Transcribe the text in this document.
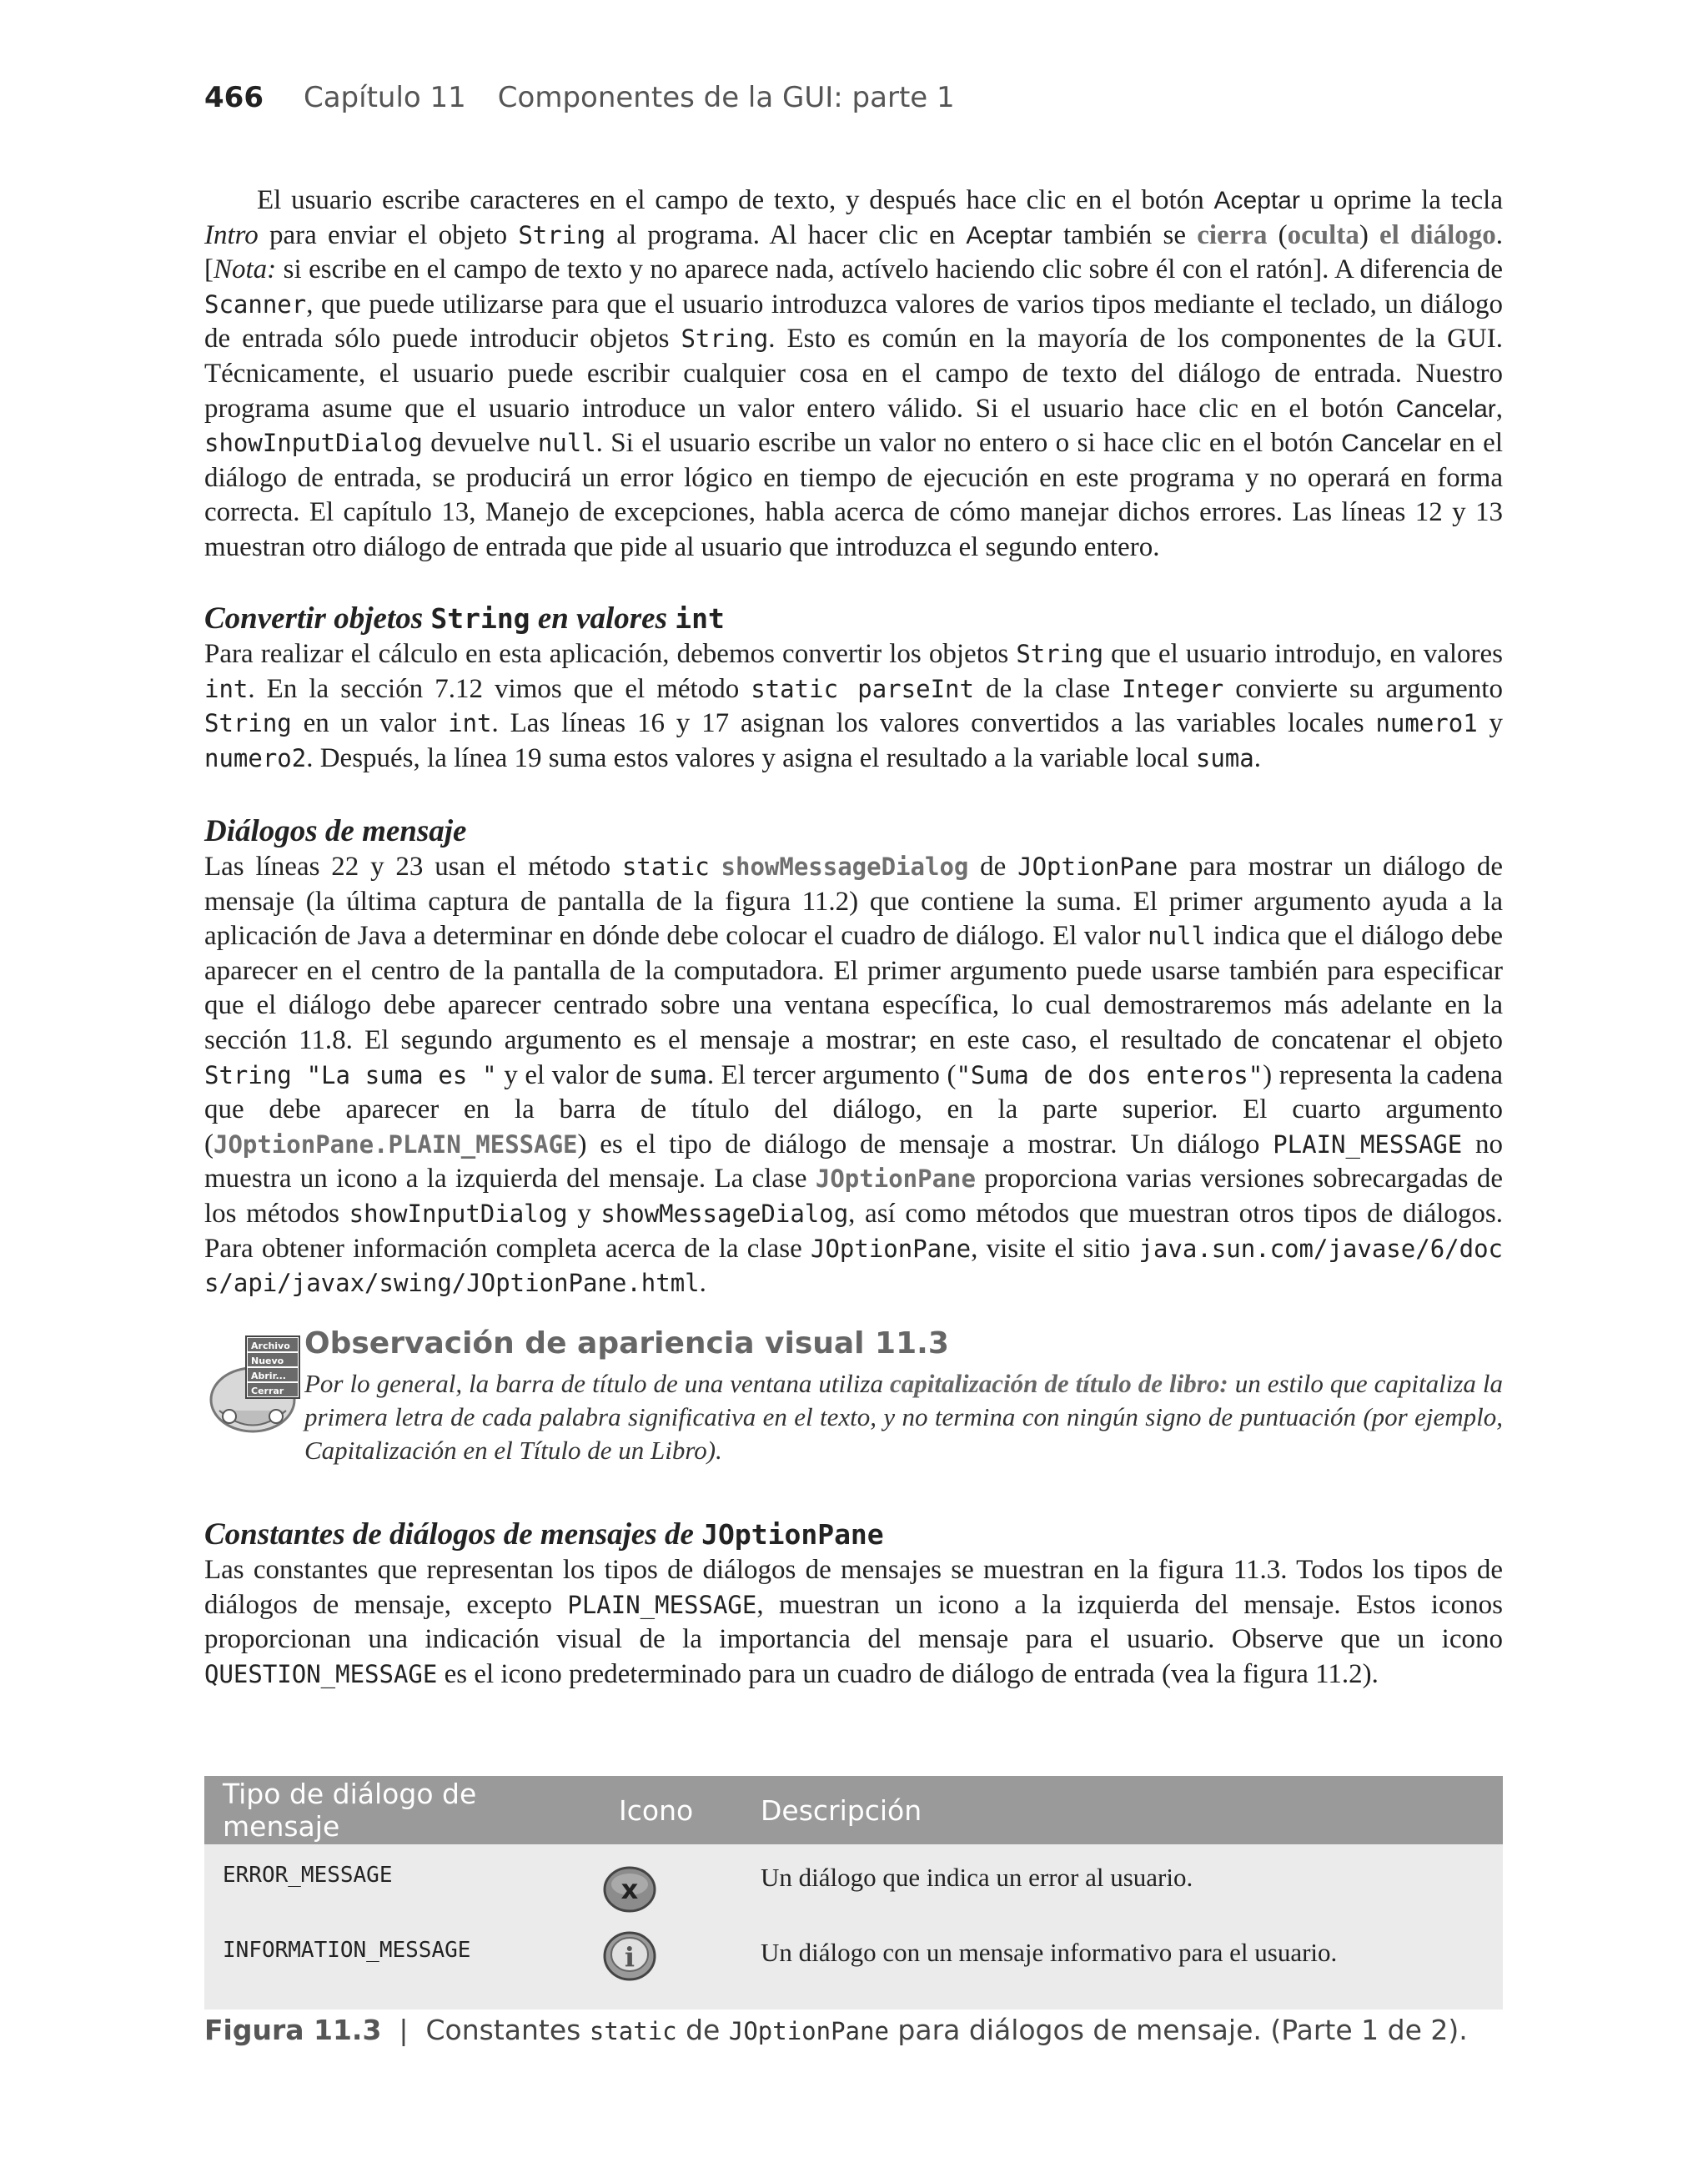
466 Capítulo 11 Componentes de la GUI: parte 1

El usuario escribe caracteres en el campo de texto, y después hace clic en el botón Aceptar u oprime la tecla Intro para enviar el objeto String al programa. Al hacer clic en Aceptar también se cierra (oculta) el diálogo. [Nota: si escribe en el campo de texto y no aparece nada, actívelo haciendo clic sobre él con el ratón]. A diferencia de Scanner, que puede utilizarse para que el usuario introduzca valores de varios tipos mediante el teclado, un diálogo de entrada sólo puede introducir objetos String. Esto es común en la mayoría de los componentes de la GUI. Técnicamente, el usuario puede escribir cualquier cosa en el campo de texto del diálogo de entrada. Nuestro programa asume que el usuario introduce un valor entero válido. Si el usuario hace clic en el botón Cancelar, showInputDialog devuelve null. Si el usuario escribe un valor no entero o si hace clic en el botón Cancelar en el diálogo de entrada, se producirá un error lógico en tiempo de ejecución en este programa y no operará en forma correcta. El capítulo 13, Manejo de excepciones, habla acerca de cómo manejar dichos errores. Las líneas 12 y 13 muestran otro diálogo de entrada que pide al usuario que introduzca el segundo entero.

Convertir objetos String en valores int

Para realizar el cálculo en esta aplicación, debemos convertir los objetos String que el usuario introdujo, en valores int. En la sección 7.12 vimos que el método static parseInt de la clase Integer convierte su argumento String en un valor int. Las líneas 16 y 17 asignan los valores convertidos a las variables locales numero1 y numero2. Después, la línea 19 suma estos valores y asigna el resultado a la variable local suma.

Diálogos de mensaje

Las líneas 22 y 23 usan el método static showMessageDialog de JOptionPane para mostrar un diálogo de mensaje (la última captura de pantalla de la figura 11.2) que contiene la suma. El primer argumento ayuda a la aplicación de Java a determinar en dónde debe colocar el cuadro de diálogo. El valor null indica que el diálogo debe aparecer en el centro de la pantalla de la computadora. El primer argumento puede usarse también para especificar que el diálogo debe aparecer centrado sobre una ventana específica, lo cual demostraremos más adelante en la sección 11.8. El segundo argumento es el mensaje a mostrar; en este caso, el resultado de concatenar el objeto String "La suma es " y el valor de suma. El tercer argumento ("Suma de dos enteros") representa la cadena que debe aparecer en la barra de título del diálogo, en la parte superior. El cuarto argumento (JOptionPane.PLAIN_MESSAGE) es el tipo de diálogo de mensaje a mostrar. Un diálogo PLAIN_MESSAGE no muestra un icono a la izquierda del mensaje. La clase JOptionPane proporciona varias versiones sobrecargadas de los métodos showInputDialog y showMessageDialog, así como métodos que muestran otros tipos de diálogos. Para obtener información completa acerca de la clase JOptionPane, visite el sitio java.sun.com/javase/6/docs/api/javax/swing/JOptionPane.html.

Archivo
Nuevo
Abrir...
Cerrar
Observación de apariencia visual 11.3

Por lo general, la barra de título de una ventana utiliza capitalización de título de libro: un estilo que capitaliza la primera letra de cada palabra significativa en el texto, y no termina con ningún signo de puntuación (por ejemplo, Capitalización en el Título de un Libro).

Constantes de diálogos de mensajes de JOptionPane

Las constantes que representan los tipos de diálogos de mensajes se muestran en la figura 11.3. Todos los tipos de diálogos de mensaje, excepto PLAIN_MESSAGE, muestran un icono a la izquierda del mensaje. Estos iconos proporcionan una indicación visual de la importancia del mensaje para el usuario. Observe que un icono QUESTION_MESSAGE es el icono predeterminado para un cuadro de diálogo de entrada (vea la figura 11.2).

Tipo de diálogo de mensaje	Icono	Descripción
ERROR_MESSAGE	x	Un diálogo que indica un error al usuario.
INFORMATION_MESSAGE	i	Un diálogo con un mensaje informativo para el usuario.
Figura 11.3 | Constantes static de JOptionPane para diálogos de mensaje. (Parte 1 de 2).
